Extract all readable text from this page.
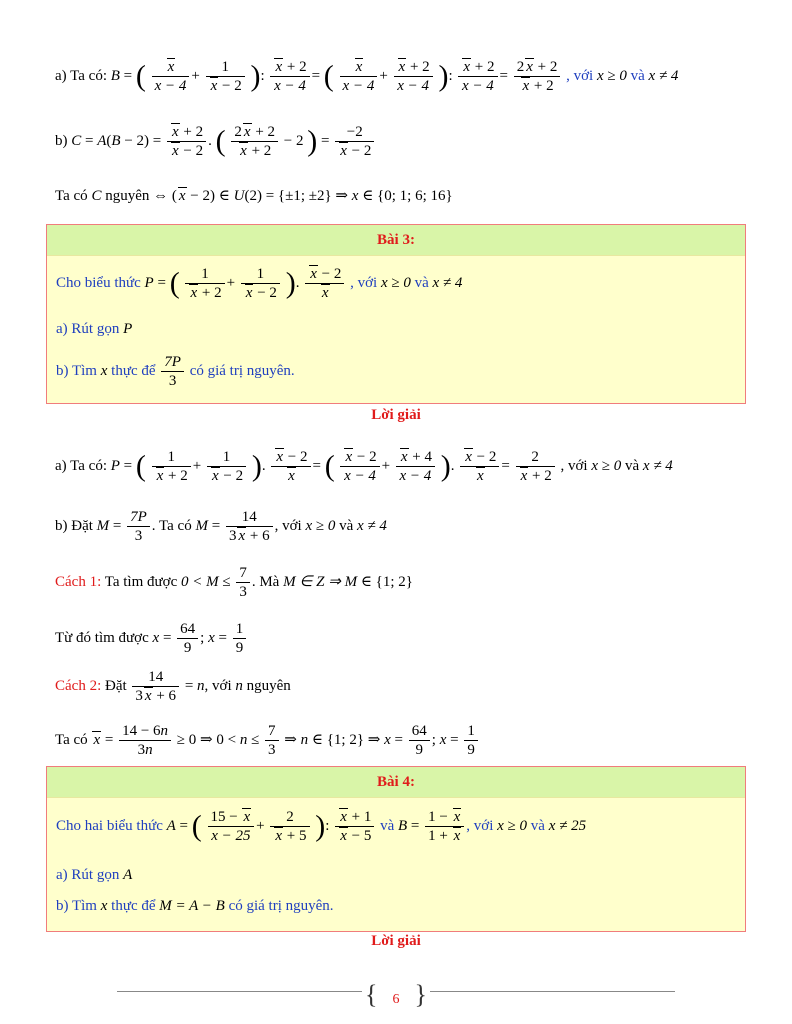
a) Ta có: B = ( $\frac{x}{x - 4} + \frac{1}{x - 2}$ ): $\frac{x + 2}{x - 4}$ = ( $\frac{x}{x - 4} + \frac{x + 2}{x - 4}$ ): $\frac{x + 2}{x - 4} = \frac{2 x + 2}{x + 2}$ , với x ≥ 0 và x ≠ 4
b) $C = A(B - 2) = \frac{x + 2}{x - 2}$ . ( $\frac{2 x + 2}{x + 2} - 2$ ) = $\frac{-2}{x - 2}$
Ta có C nguyên ⇔ ( x − 2) ∈ U(2) = {±1; ±2} ⇒ x ∈ {0; 1; 6; 16}
Bài 3:
Cho biểu thức P = ( $\frac{1}{x + 2} + \frac{1}{x - 2}$ ). $\frac{x - 2}{x}$ , với x ≥ 0 và x ≠ 4
a) Rút gọn P
b) Tìm x thực để $\frac{7P}{3}$ có giá trị nguyên.
Lời giải
a) Ta có: P = ( $\frac{1}{x + 2} + \frac{1}{x - 2}$ ). $\frac{x - 2}{x}$ = ( $\frac{x - 2}{x - 4} + \frac{x + 4}{x - 4}$ ). $\frac{x - 2}{x} = \frac{2}{x + 2}$ , với x ≥ 0 và x ≠ 4
b) Đặt $M = \frac{7P}{3}$ . Ta có $M = \frac{14}{3 x + 6}$ , với x ≥ 0 và x ≠ 4
Cách 1: Ta tìm được $0 < M \le \frac{7}{3}$ . Mà M ∈ Z ⇒ M ∈ {1; 2}
Từ đó tìm được $x = \frac{64}{9}$ ; $x = \frac{1}{9}$
Cách 2: Đặt $\frac{14}{3 x + 6} = n$, với n nguyên
Ta có $x = \frac{14 - 6n}{3n} \ge 0$ ⇒ $0 < n \le \frac{7}{3}$ ⇒ n ∈ {1; 2} ⇒ $x = \frac{64}{9}$ ; $x = \frac{1}{9}$
Bài 4:
Cho hai biểu thức A = ( $\frac{15 - x}{x - 25} + \frac{2}{x + 5}$ ): $\frac{x + 1}{x - 5}$ và $B = \frac{1 - x}{1 + x}$ , với x ≥ 0 và x ≠ 25
a) Rút gọn A
b) Tìm x thực để M = A − B có giá trị nguyên.
Lời giải
{ 6 }
